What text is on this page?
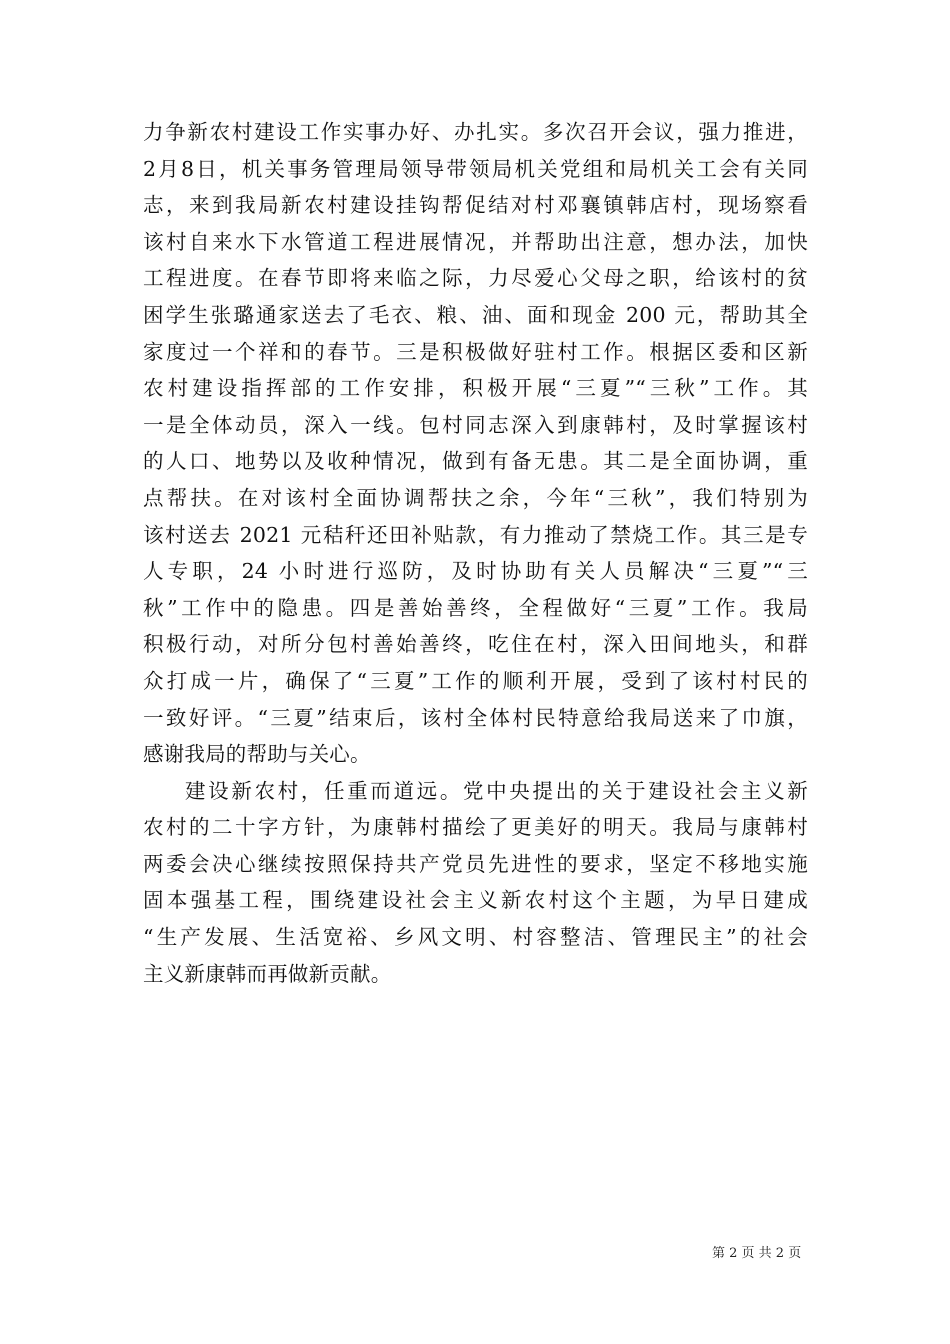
力争新农村建设工作实事办好、办扎实。多次召开会议，强力推进，
2月8日，机关事务管理局领导带领局机关党组和局机关工会有关同
志，来到我局新农村建设挂钩帮促结对村邓襄镇韩店村，现场察看
该村自来水下水管道工程进展情况，并帮助出注意，想办法，加快
工程进度。在春节即将来临之际，力尽爱心父母之职，给该村的贫
困学生张璐通家送去了毛衣、粮、油、面和现金 200 元，帮助其全
家度过一个祥和的春节。三是积极做好驻村工作。根据区委和区新
农村建设指挥部的工作安排，积极开展“三夏”“三秋”工作。其
一是全体动员，深入一线。包村同志深入到康韩村，及时掌握该村
的人口、地势以及收种情况，做到有备无患。其二是全面协调，重
点帮扶。在对该村全面协调帮扶之余，今年“三秋”，我们特别为
该村送去 2021 元秸秆还田补贴款，有力推动了禁烧工作。其三是专
人专职，24 小时进行巡防，及时协助有关人员解决“三夏”“三
秋”工作中的隐患。四是善始善终，全程做好“三夏”工作。我局
积极行动，对所分包村善始善终，吃住在村，深入田间地头，和群
众打成一片，确保了“三夏”工作的顺利开展，受到了该村村民的
一致好评。“三夏”结束后，该村全体村民特意给我局送来了巾旗，
感谢我局的帮助与关心。
建设新农村，任重而道远。党中央提出的关于建设社会主义新
农村的二十字方针，为康韩村描绘了更美好的明天。我局与康韩村
两委会决心继续按照保持共产党员先进性的要求，坚定不移地实施
固本强基工程，围绕建设社会主义新农村这个主题，为早日建成
“生产发展、生活宽裕、乡风文明、村容整洁、管理民主”的社会
主义新康韩而再做新贡献。
第 2 页 共 2 页
